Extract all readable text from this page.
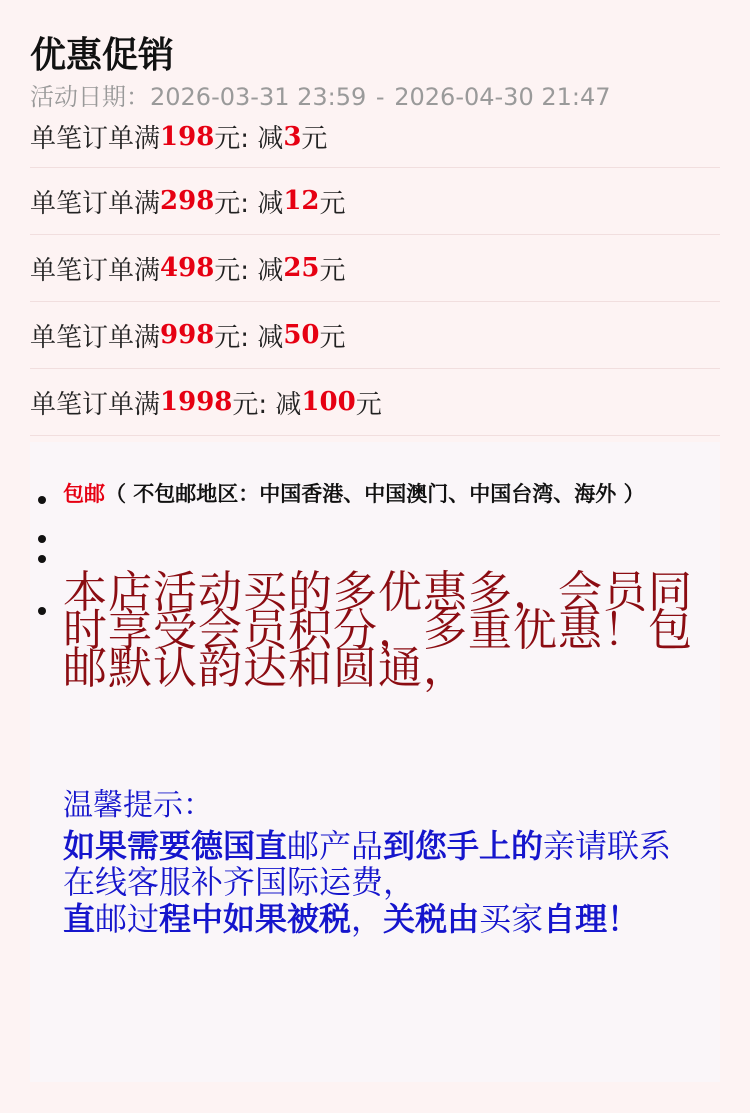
优惠促销
活动日期：2026-03-31 23:59 - 2026-04-30 21:47
单笔订单满 198 元: 减 3 元
单笔订单满 298 元: 减 12 元
单笔订单满 498 元: 减 25 元
单笔订单满 998 元: 减 50 元
单笔订单满 1998 元: 减 100 元
包邮（ 不包邮地区：中国香港、中国澳门、中国台湾、海外 ）
本店活动买的多优惠多，会员同时享受会员积分，多重优惠！包邮默认韵达和圆通，
温馨提示：
如果需要德国直邮产品到您手上的亲请联系在线客服补齐国际运费，
直邮过程中如果被税，关税由买家自理！
